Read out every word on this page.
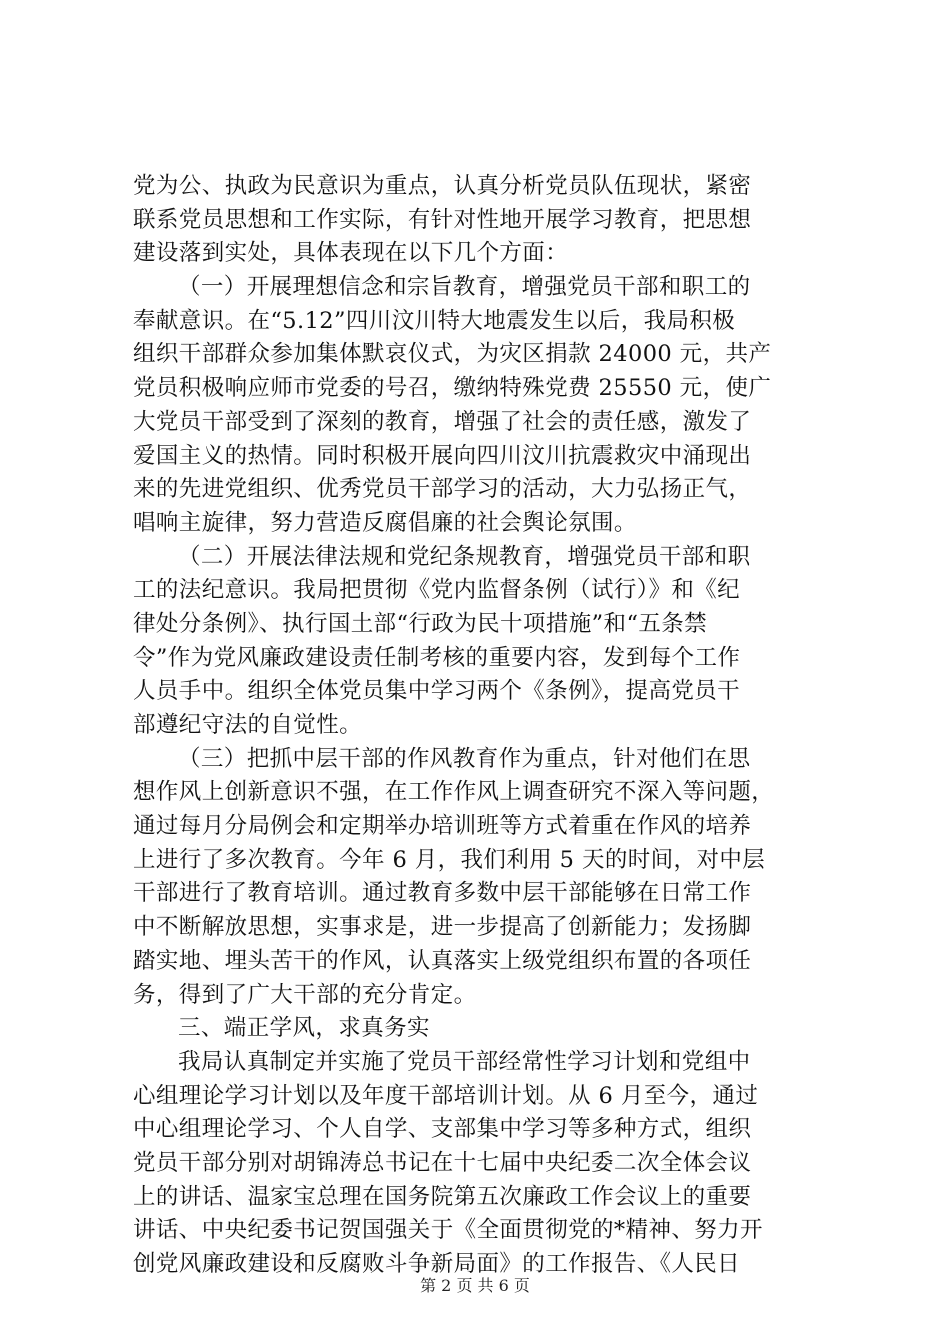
党为公、执政为民意识为重点，认真分析党员队伍现状，紧密
联系党员思想和工作实际，有针对性地开展学习教育，把思想
建设落到实处，具体表现在以下几个方面：
（一）开展理想信念和宗旨教育，增强党员干部和职工的
奉献意识。在“5.12”四川汶川特大地震发生以后，我局积极
组织干部群众参加集体默哀仪式，为灾区捐款 24000 元，共产
党员积极响应师市党委的号召，缴纳特殊党费 25550 元，使广
大党员干部受到了深刻的教育，增强了社会的责任感，激发了
爱国主义的热情。同时积极开展向四川汶川抗震救灾中涌现出
来的先进党组织、优秀党员干部学习的活动，大力弘扬正气，
唱响主旋律，努力营造反腐倡廉的社会舆论氛围。
（二）开展法律法规和党纪条规教育，增强党员干部和职
工的法纪意识。我局把贯彻《党内监督条例（试行）》和《纪
律处分条例》、执行国土部“行政为民十项措施”和“五条禁
令”作为党风廉政建设责任制考核的重要内容，发到每个工作
人员手中。组织全体党员集中学习两个《条例》，提高党员干
部遵纪守法的自觉性。
（三）把抓中层干部的作风教育作为重点，针对他们在思
想作风上创新意识不强，在工作作风上调查研究不深入等问题，
通过每月分局例会和定期举办培训班等方式着重在作风的培养
上进行了多次教育。今年 6 月，我们利用 5 天的时间，对中层
干部进行了教育培训。通过教育多数中层干部能够在日常工作
中不断解放思想，实事求是，进一步提高了创新能力；发扬脚
踏实地、埋头苦干的作风，认真落实上级党组织布置的各项任
务，得到了广大干部的充分肯定。
三、端正学风，求真务实
我局认真制定并实施了党员干部经常性学习计划和党组中
心组理论学习计划以及年度干部培训计划。从 6 月至今，通过
中心组理论学习、个人自学、支部集中学习等多种方式，组织
党员干部分别对胡锦涛总书记在十七届中央纪委二次全体会议
上的讲话、温家宝总理在国务院第五次廉政工作会议上的重要
讲话、中央纪委书记贺国强关于《全面贯彻党的*精神、努力开
创党风廉政建设和反腐败斗争新局面》的工作报告、《人民日
第 2 页 共 6 页
